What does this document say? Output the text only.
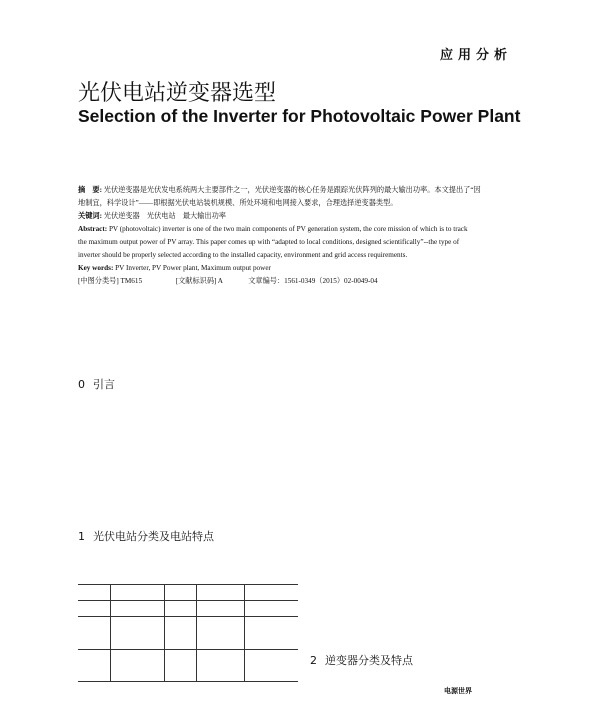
应用分析
光伏电站逆变器选型
Selection of the Inverter for Photovoltaic Power Plant
摘　要: 光伏逆变器是光伏发电系统两大主要部件之一，光伏逆变器的核心任务是跟踪光伏阵列的最大输出功率。本文提出了“因
地制宜，科学设计”——即根据光伏电站装机规模、所处环境和电网接入要求，合理选择逆变器类型。
关键词: 光伏逆变器　光伏电站　最大输出功率
Abstract: PV (photovoltaic) inverter is one of the two main components of PV generation system, the core mission of which is to track
the maximum output power of PV array. This paper comes up with “adapted to local conditions, designed scientifically”--the type of
inverter should be properly selected according to the installed capacity, environment and grid access requirements.
Key words: PV Inverter, PV Power plant, Maximum output power
[中图分类号] TM615	[文献标识码] A	文章编号：1561-0349（2015）02-0049-04
0 引言
1 光伏电站分类及电站特点
2 逆变器分类及特点
电源世界
